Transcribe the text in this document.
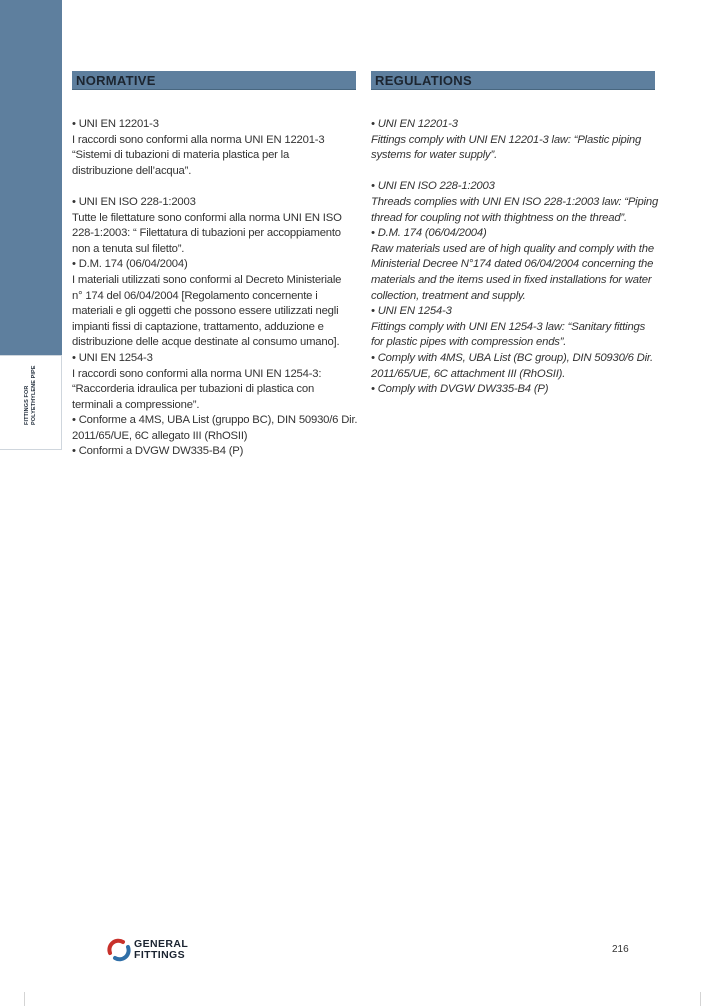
FITTINGS FOR POLYETHYLENE PIPE
NORMATIVE
• UNI EN 12201-3
I raccordi sono conformi alla norma UNI EN 12201-3
“Sistemi di tubazioni di materia plastica per la
distribuzione dell’acqua”.
• UNI EN ISO 228-1:2003
Tutte le filettature sono conformi alla norma UNI EN ISO
228-1:2003: “ Filettatura di tubazioni per accoppiamento
non a tenuta sul filetto”.
• D.M. 174 (06/04/2004)
I materiali utilizzati sono conformi al Decreto Ministeriale
n° 174 del 06/04/2004 [Regolamento concernente i
materiali e gli oggetti che possono essere utilizzati negli
impianti fissi di captazione, trattamento, adduzione e
distribuzione delle acque destinate al consumo umano].
• UNI EN 1254-3
I raccordi sono conformi alla norma UNI EN 1254-3:
“Raccorderia idraulica per tubazioni di plastica con
terminali a compressione”.
• Conforme a 4MS, UBA List (gruppo BC), DIN 50930/6 Dir.
2011/65/UE, 6C allegato III (RhOSII)
• Conformi a DVGW DW335-B4 (P)
REGULATIONS
• UNI EN 12201-3
Fittings comply with UNI EN 12201-3 law: “Plastic piping
systems for water supply”.
• UNI EN ISO 228-1:2003
Threads complies with UNI EN ISO 228-1:2003 law: “Piping
thread for coupling not with thightness on the thread”.
• D.M. 174 (06/04/2004)
Raw materials used are of high quality and comply with the
Ministerial Decree N°174 dated 06/04/2004 concerning the
materials and the items used in fixed installations for water
collection, treatment and supply.
• UNI EN 1254-3
Fittings comply with UNI EN 1254-3 law: “Sanitary fittings
for plastic pipes with compression ends”.
• Comply with 4MS, UBA List (BC group), DIN 50930/6 Dir.
2011/65/UE, 6C attachment III (RhOSII).
• Comply with DVGW DW335-B4 (P)
GENERAL
FITTINGS	216
